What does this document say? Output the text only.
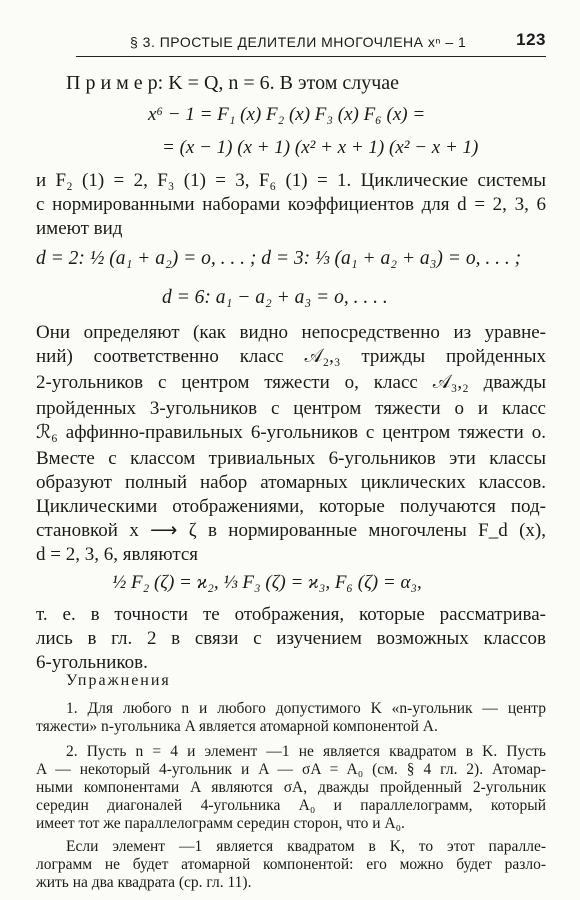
§ 3. ПРОСТЫЕ ДЕЛИТЕЛИ МНОГОЧЛЕНА xⁿ – 1	123
П р и м е р: K = Q, n = 6. В этом случае
x⁶ − 1 = F₁ (x) F₂ (x) F₃ (x) F₆ (x) =
= (x − 1) (x + 1) (x² + x + 1) (x² − x + 1)
и F₂ (1) = 2, F₃ (1) = 3, F₆ (1) = 1. Циклические системы
с нормированными наборами коэффициентов для d = 2, 3, 6
имеют вид
d = 2: ½ (a₁ + a₂) = o, . . . ; d = 3: ⅓ (a₁ + a₂ + a₃) = o, . . . ;
d = 6: a₁ − a₂ + a₃ = o, . . . .
Они определяют (как видно непосредственно из уравне-
ний) соответственно класс 𝒜₂,₃ трижды пройденных
2-угольников с центром тяжести o, класс 𝒜₃,₂ дважды
пройденных 3-угольников с центром тяжести o и класс
ℛ₆ аффинно-правильных 6-угольников с центром тяжести o.
Вместе с классом тривиальных 6-угольников эти классы
образуют полный набор атомарных циклических классов.
Циклическими отображениями, которые получаются под-
становкой x ⟶ ζ в нормированные многочлены F_d (x),
d = 2, 3, 6, являются
½ F₂ (ζ) = ϰ₂, ⅓ F₃ (ζ) = ϰ₃, F₆ (ζ) = α₃,
т. е. в точности те отображения, которые рассматрива-
лись в гл. 2 в связи с изучением возможных классов
6-угольников.
Упражнения
1. Для любого n и любого допустимого K «n-угольник — центр
тяжести» n-угольника A является атомарной компонентой A.
2. Пусть n = 4 и элемент —1 не является квадратом в K. Пусть
A — некоторый 4-угольник и A — σA = A₀ (см. § 4 гл. 2). Атомар-
ными компонентами A являются σA, дважды пройденный 2-угольник
середин диагоналей 4-угольника A₀ и параллелограмм, который
имеет тот же параллелограмм середин сторон, что и A₀.
Если элемент —1 является квадратом в K, то этот паралле-
лограмм не будет атомарной компонентой: его можно будет разло-
жить на два квадрата (ср. гл. 11).
